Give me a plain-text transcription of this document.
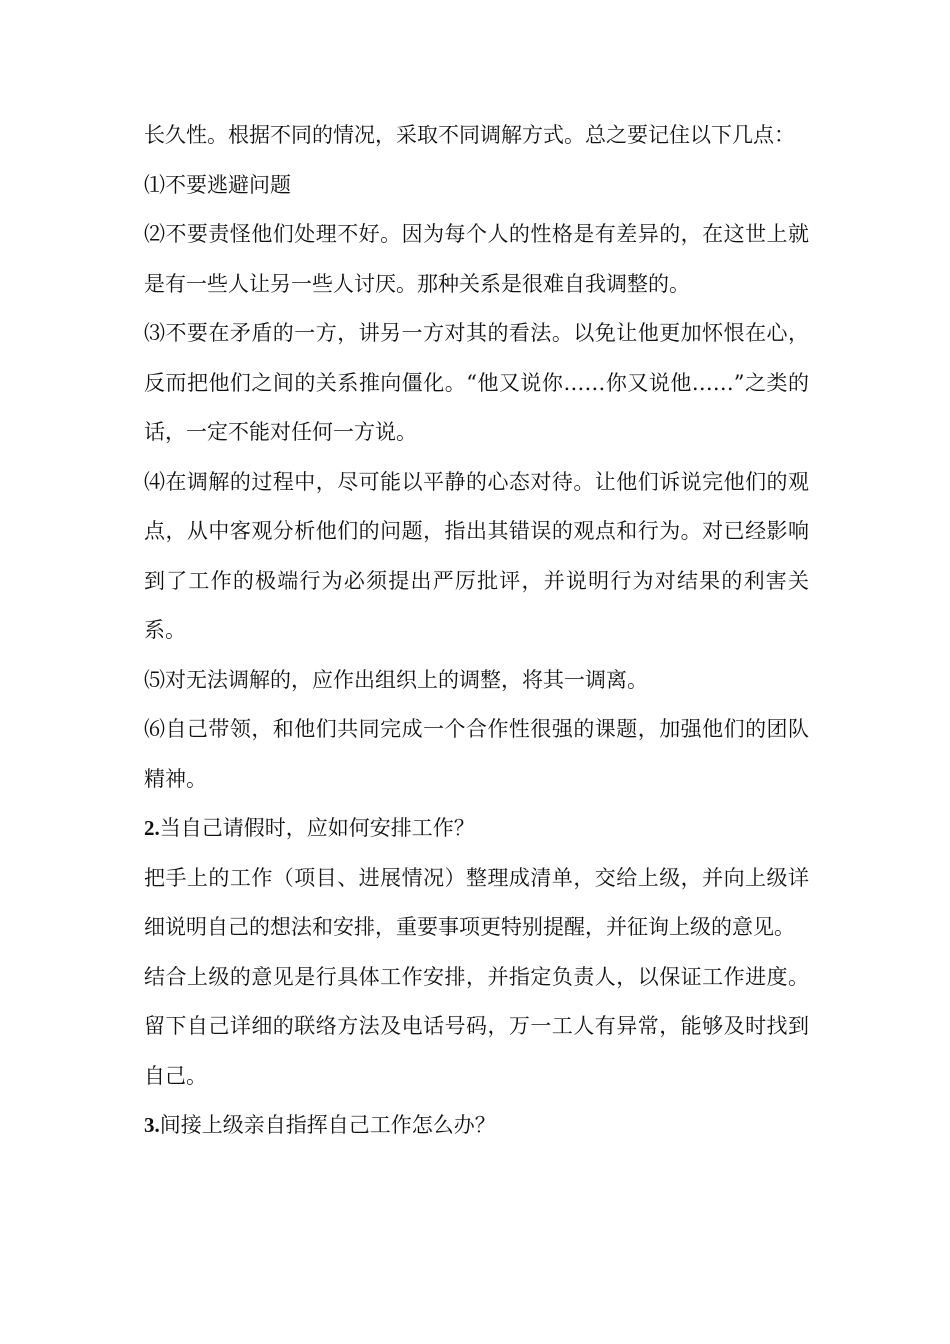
长久性。根据不同的情况，采取不同调解方式。总之要记住以下几点：

⑴不要逃避问题

⑵不要责怪他们处理不好。因为每个人的性格是有差异的，在这世上就是有一些人让另一些人讨厌。那种关系是很难自我调整的。

⑶不要在矛盾的一方，讲另一方对其的看法。以免让他更加怀恨在心，反而把他们之间的关系推向僵化。“他又说你……你又说他……”之类的话，一定不能对任何一方说。

⑷在调解的过程中，尽可能以平静的心态对待。让他们诉说完他们的观点，从中客观分析他们的问题，指出其错误的观点和行为。对已经影响到了工作的极端行为必须提出严厉批评，并说明行为对结果的利害关系。

⑸对无法调解的，应作出组织上的调整，将其一调离。

⑹自己带领，和他们共同完成一个合作性很强的课题，加强他们的团队精神。

2.当自己请假时，应如何安排工作？

把手上的工作（项目、进展情况）整理成清单，交给上级，并向上级详细说明自己的想法和安排，重要事项更特别提醒，并征询上级的意见。

结合上级的意见是行具体工作安排，并指定负责人，以保证工作进度。留下自己详细的联络方法及电话号码，万一工人有异常，能够及时找到自己。

3.间接上级亲自指挥自己工作怎么办？
